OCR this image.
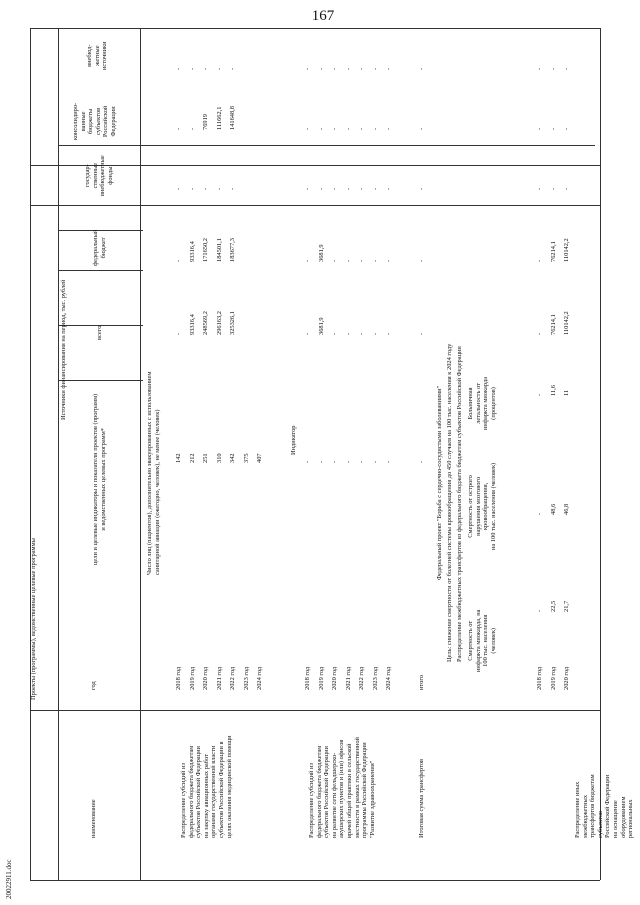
167
20022911.doc
Проекты (программы), ведомственные целевые программы
Источники финансирования на период, тыс. рублей
наименование
год
цели и целевые индикаторы и показатели проектов (программ)
и ведомственных целевых программ*
всего
федеральный
бюджет
государ-
ственные
внебюджетные
фонды
консолидиро-
ванные
бюджеты
субъектов
Российской
Федерации
внебюд-
жетные
источники
Распределение субсидий из
федерального бюджета бюджетам
субъектов Российской Федерации
на закупку авиационных работ
органами государственной власти
субъектов Российской Федерации в
целях оказания медицинской помощи
Число лиц (пациентов), дополнительно эвакуированных с использованием
санитарной авиации (ежегодно, человек), не менее (человек)
2018 год
142
-
-
-
-
-
2019 год
212
93316,4
93316,4
-
-
-
2020 год
251
248569,2
171650,2
-
76919
-
2021 год
310
296163,2
184501,1
-
111662,1
-
2022 год
342
325326,1
183677,3
-
141648,8
-
2023 год
375
2024 год
407
Распределение субсидий из
федерального бюджета бюджетам
субъектов Российской Федерации
на развитие сети фельдшерско-
акушерских пунктов и (или) офисов
врачей общей практики в сельской
местности в рамках государственной
программы Российской Федерации
"Развитие здравоохранения"
Индикатор
2018 год
-
-
-
-
-
-
2019 год
-
3681,9
3681,9
-
-
-
2020 год
-
-
-
-
-
-
2021 год
-
-
-
-
-
-
2022 год
-
-
-
-
-
-
2023 год
-
-
-
-
-
-
2024 год
-
-
-
-
-
-
-
-
-
-
-
-
Итоговая сумма трансфертов
итого
Федеральный проект "Борьба с сердечно-сосудистыми заболеваниями" Цель: снижение смертности от болезней системы кровообращения до 450 случаев на 100 тыс. населения к 2024 году Распределение межбюджетных трансфертов из федерального бюджета бюджетам субъектов Российской Федерации Смертность от
инфаркта миокарда, на
100 тыс. населения
(человек)
Смертность от острого
нарушения мозгового
кровообращения,
на 100 тыс. населения (человек)
Больничная
летальность от
инфаркта миокарда
(процентов)
Распределение иных межбюджетных
трансфертов бюджетам субъектов
Российской Федерации на оснащение
оборудованием региональных
2018 год
-
-
-
-
-
-
-
-
2019 год
22,5
48,6
11,6
76214,1
76214,1
-
-
-
2020 год
21,7
46,8
11
110142,2
110142,2
-
-
-
